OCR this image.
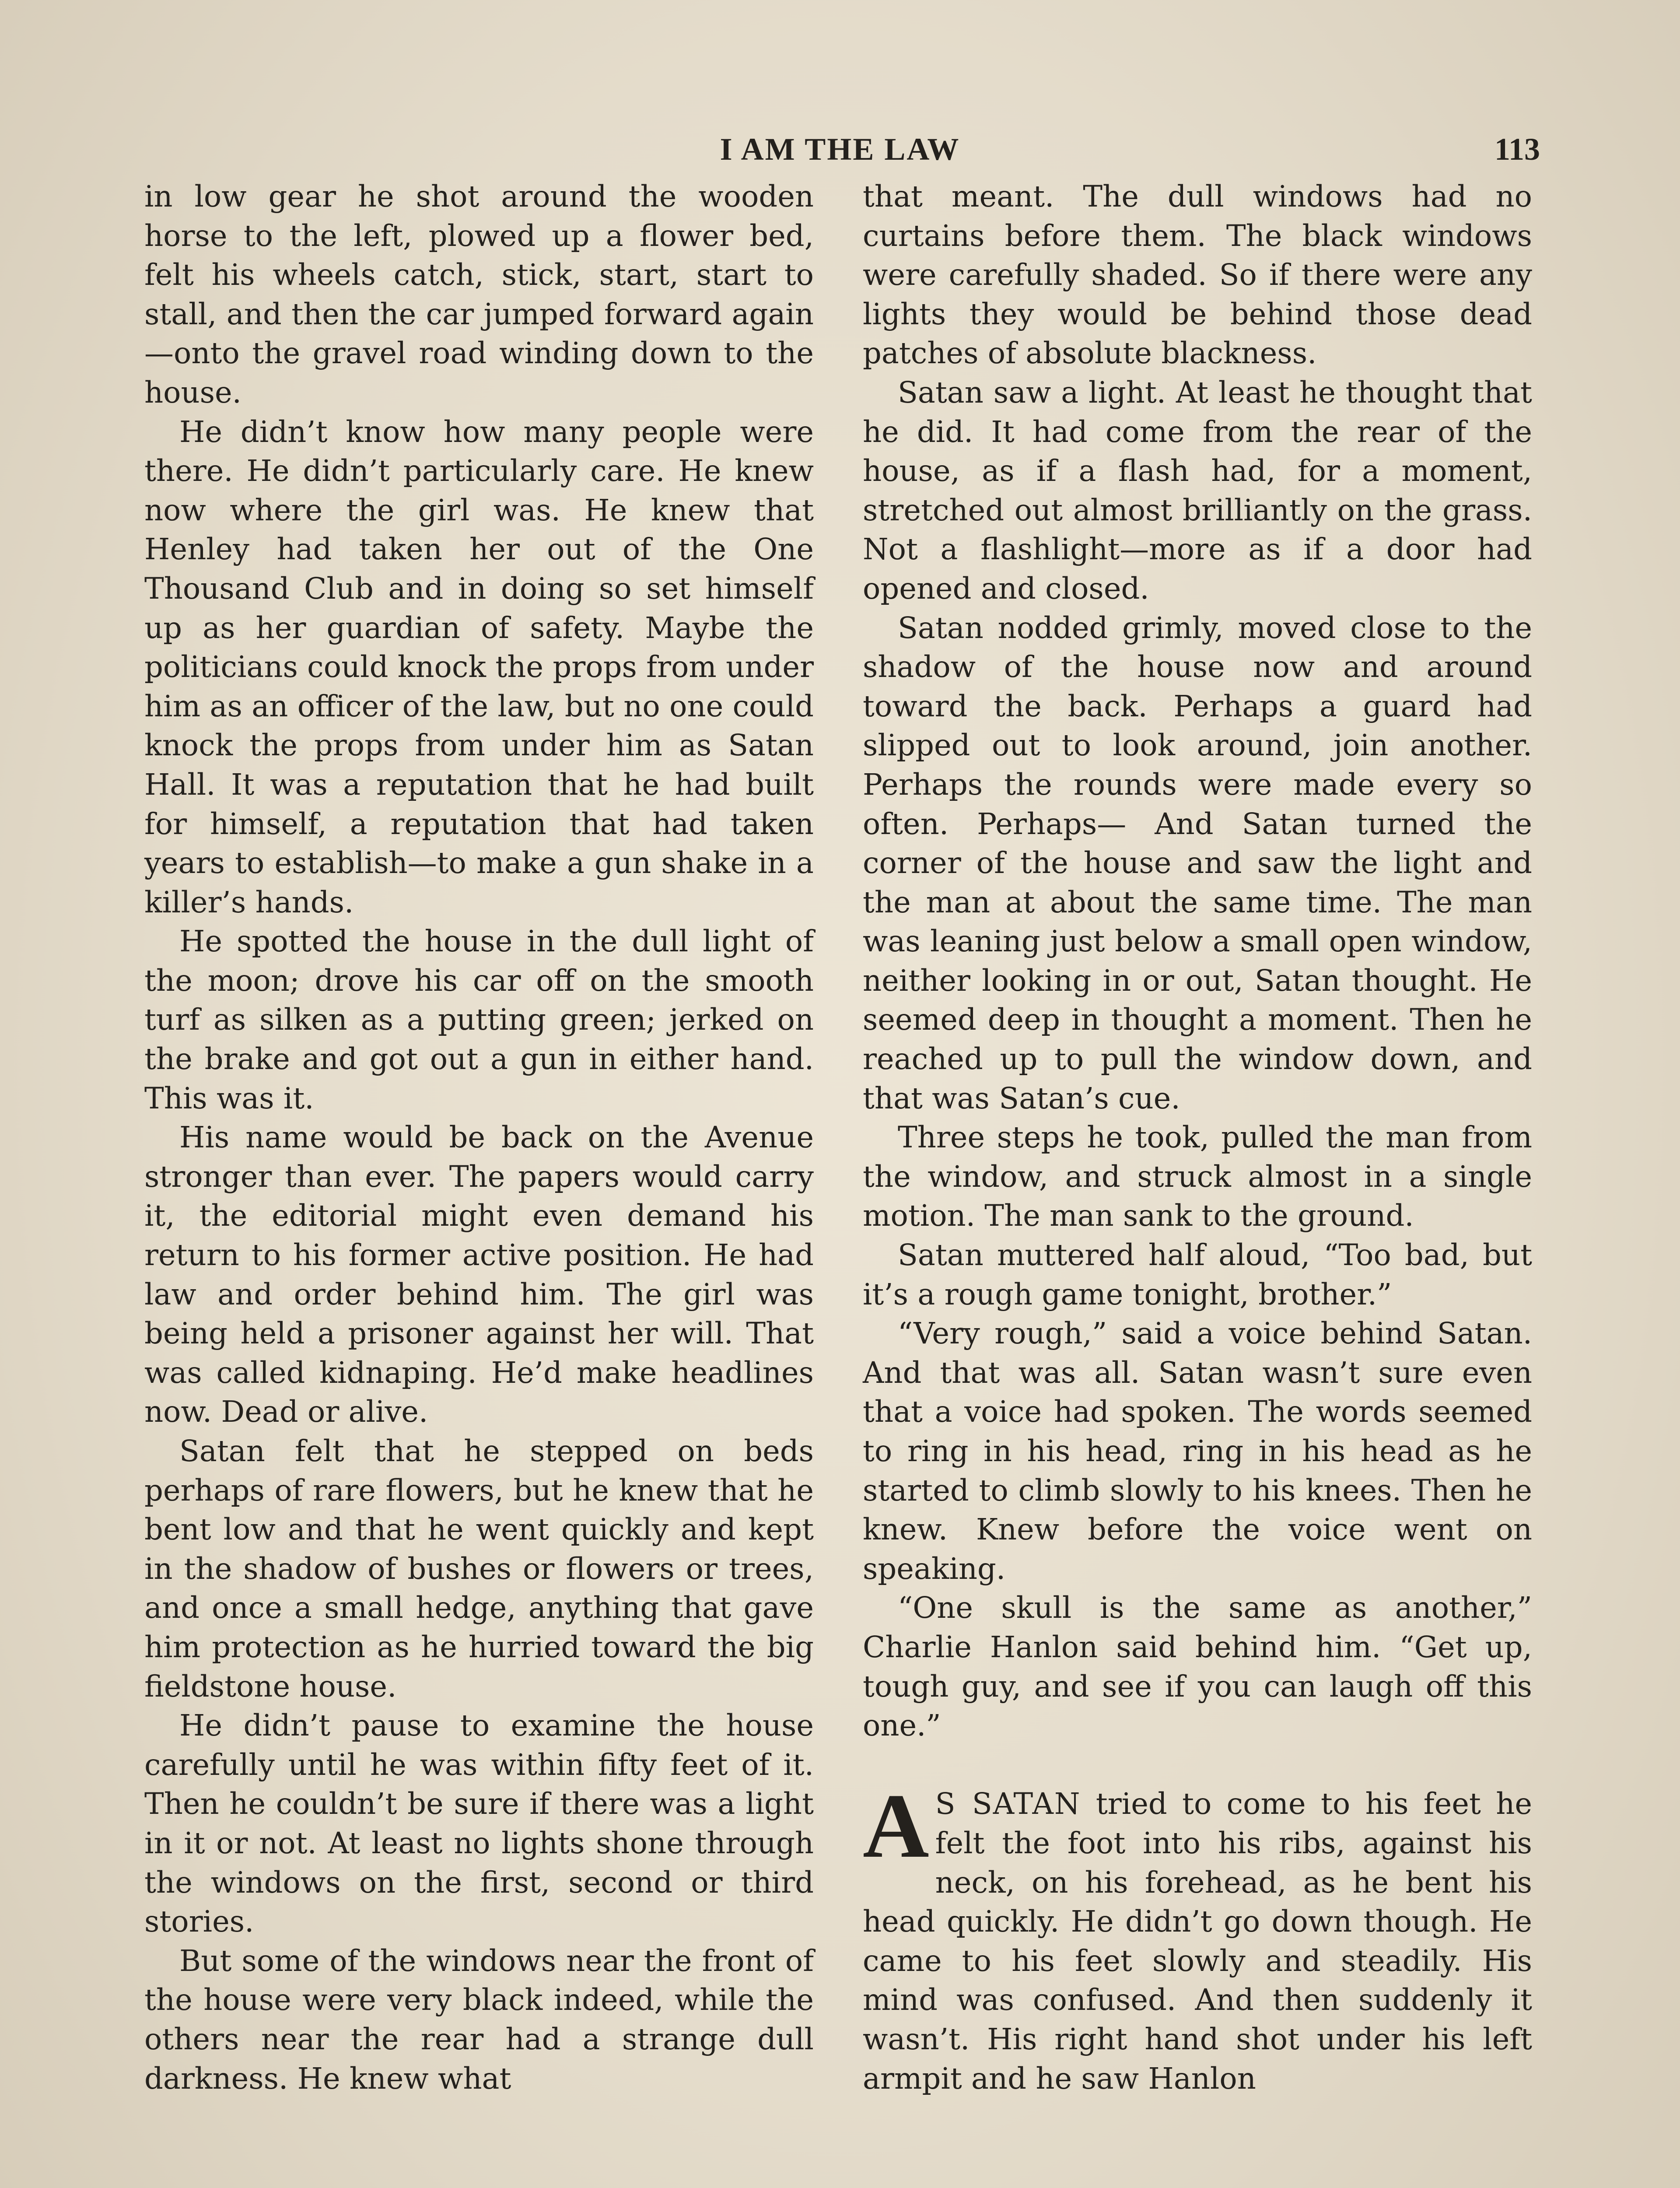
I AM THE LAW	113

in low gear he shot around the wooden horse to the left, plowed up a flower bed, felt his wheels catch, stick, start, start to stall, and then the car jumped forward again—onto the gravel road winding down to the house.

He didn’t know how many people were there. He didn’t particularly care. He knew now where the girl was. He knew that Henley had taken her out of the One Thousand Club and in doing so set himself up as her guardian of safety. Maybe the politicians could knock the props from under him as an officer of the law, but no one could knock the props from under him as Satan Hall. It was a reputation that he had built for himself, a reputation that had taken years to establish—to make a gun shake in a killer’s hands.

He spotted the house in the dull light of the moon; drove his car off on the smooth turf as silken as a putting green; jerked on the brake and got out a gun in either hand. This was it.

His name would be back on the Avenue stronger than ever. The papers would carry it, the editorial might even demand his return to his former active position. He had law and order behind him. The girl was being held a prisoner against her will. That was called kidnaping. He’d make headlines now. Dead or alive.

Satan felt that he stepped on beds perhaps of rare flowers, but he knew that he bent low and that he went quickly and kept in the shadow of bushes or flowers or trees, and once a small hedge, anything that gave him protection as he hurried toward the big fieldstone house.

He didn’t pause to examine the house carefully until he was within fifty feet of it. Then he couldn’t be sure if there was a light in it or not. At least no lights shone through the windows on the first, second or third stories.

But some of the windows near the front of the house were very black indeed, while the others near the rear had a strange dull darkness. He knew what

that meant. The dull windows had no curtains before them. The black windows were carefully shaded. So if there were any lights they would be behind those dead patches of absolute blackness.

Satan saw a light. At least he thought that he did. It had come from the rear of the house, as if a flash had, for a moment, stretched out almost brilliantly on the grass. Not a flashlight—more as if a door had opened and closed.

Satan nodded grimly, moved close to the shadow of the house now and around toward the back. Perhaps a guard had slipped out to look around, join another. Perhaps the rounds were made every so often. Perhaps— And Satan turned the corner of the house and saw the light and the man at about the same time. The man was leaning just below a small open window, neither looking in or out, Satan thought. He seemed deep in thought a moment. Then he reached up to pull the window down, and that was Satan’s cue.

Three steps he took, pulled the man from the window, and struck almost in a single motion. The man sank to the ground.

Satan muttered half aloud, “Too bad, but it’s a rough game tonight, brother.”

“Very rough,” said a voice behind Satan. And that was all. Satan wasn’t sure even that a voice had spoken. The words seemed to ring in his head, ring in his head as he started to climb slowly to his knees. Then he knew. Knew before the voice went on speaking.

“One skull is the same as another,” Charlie Hanlon said behind him. “Get up, tough guy, and see if you can laugh off this one.”

A S SATAN tried to come to his feet he felt the foot into his ribs, against his neck, on his forehead, as he bent his head quickly. He didn’t go down though. He came to his feet slowly and steadily. His mind was confused. And then suddenly it wasn’t. His right hand shot under his left armpit and he saw Hanlon
